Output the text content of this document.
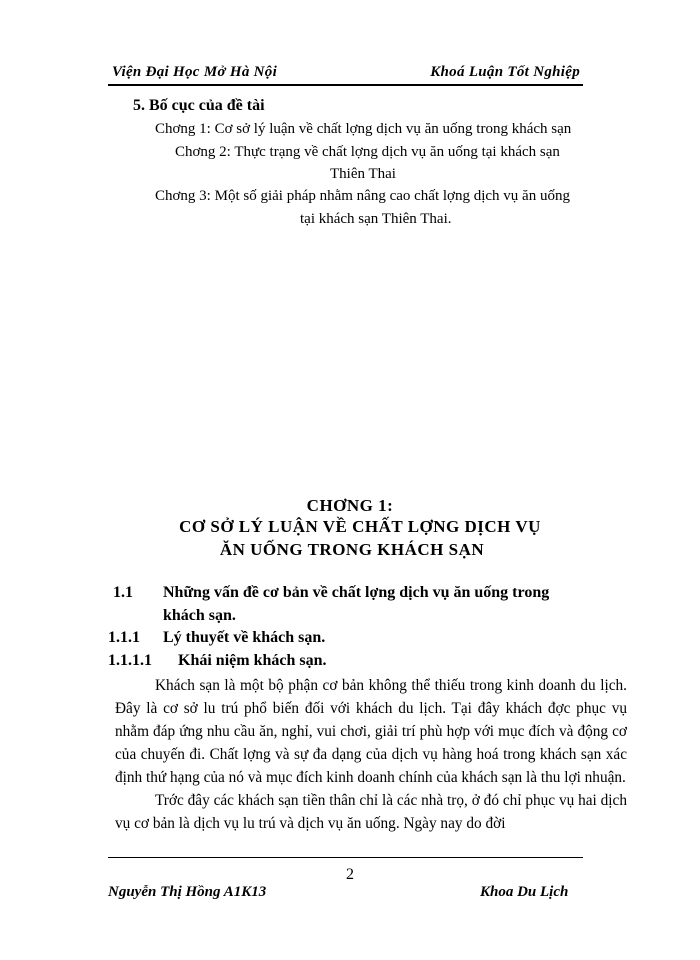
Viện Đại Học Mở Hà Nội	Khoá Luận Tốt Nghiệp
5. Bố cục của đề tài
Chơng 1: Cơ sở lý luận về chất lợng dịch vụ ăn uống trong khách sạn
Chơng 2: Thực trạng về chất lợng dịch vụ ăn uống tại khách sạn
Thiên Thai
Chơng 3: Một số giải pháp nhằm nâng cao chất lợng dịch vụ ăn uống
tại khách sạn Thiên Thai.
CHƠNG 1:
CƠ SỞ LÝ LUẬN VỀ CHẤT LỢNG DỊCH VỤ
ĂN UỐNG TRONG KHÁCH SẠN
1.1 Những vấn đề cơ bản về chất lợng dịch vụ ăn uống trong
khách sạn.
1.1.1 Lý thuyết về khách sạn.
1.1.1.1 Khái niệm khách sạn.

Khách sạn là một bộ phận cơ bản không thể thiếu trong kinh doanh du lịch. Đây là cơ sở lu trú phổ biến đối với khách du lịch. Tại đây khách đợc phục vụ nhằm đáp ứng nhu cầu ăn, nghỉ, vui chơi, giải trí phù hợp với mục đích và động cơ của chuyến đi. Chất lợng và sự đa dạng của dịch vụ hàng hoá trong khách sạn xác định thứ hạng của nó và mục đích kinh doanh chính của khách sạn là thu lợi nhuận.

Trớc đây các khách sạn tiền thân chỉ là các nhà trọ, ở đó chỉ phục vụ hai dịch vụ cơ bản là dịch vụ lu trú và dịch vụ ăn uống. Ngày nay do đời

2
Nguyễn Thị Hồng A1K13	Khoa Du Lịch
